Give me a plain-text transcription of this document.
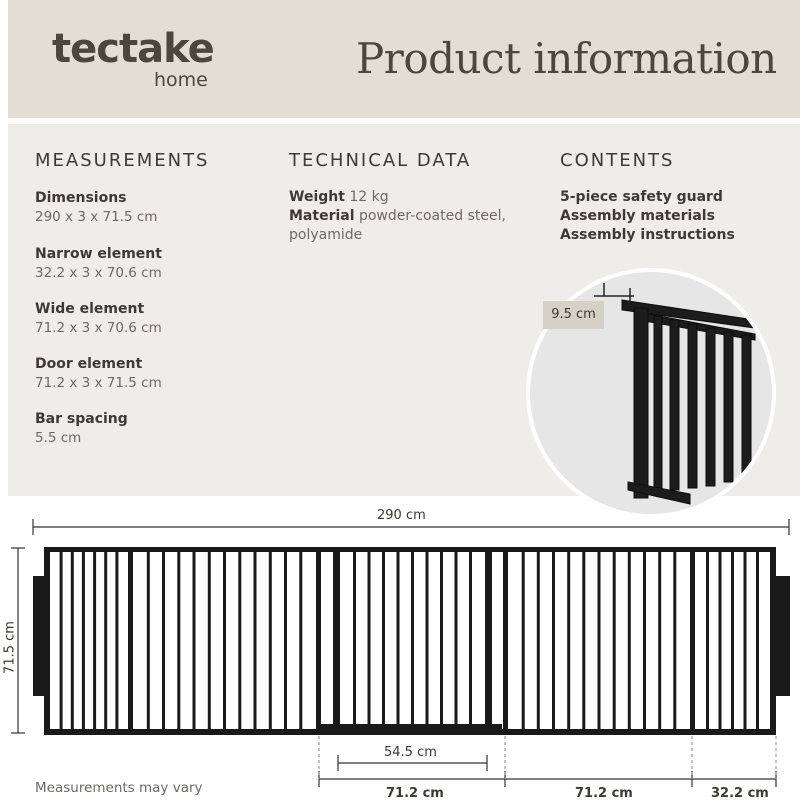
tectake
home	Product information
MEASUREMENTS	TECHNICAL DATA	CONTENTS
Dimensions
290 x 3 x 71.5 cm
Narrow element
32.2 x 3 x 70.6 cm
Wide element
71.2 x 3 x 70.6 cm
Door element
71.2 x 3 x 71.5 cm
Bar spacing
5.5 cm
Weight 12 kg
Material powder-coated steel,
polyamide
5-piece safety guard
Assembly materials
Assembly instructions
9.5 cm
290 cm
71.5 cm
54.5 cm
71.2 cm	71.2 cm	32.2 cm
Measurements may vary
